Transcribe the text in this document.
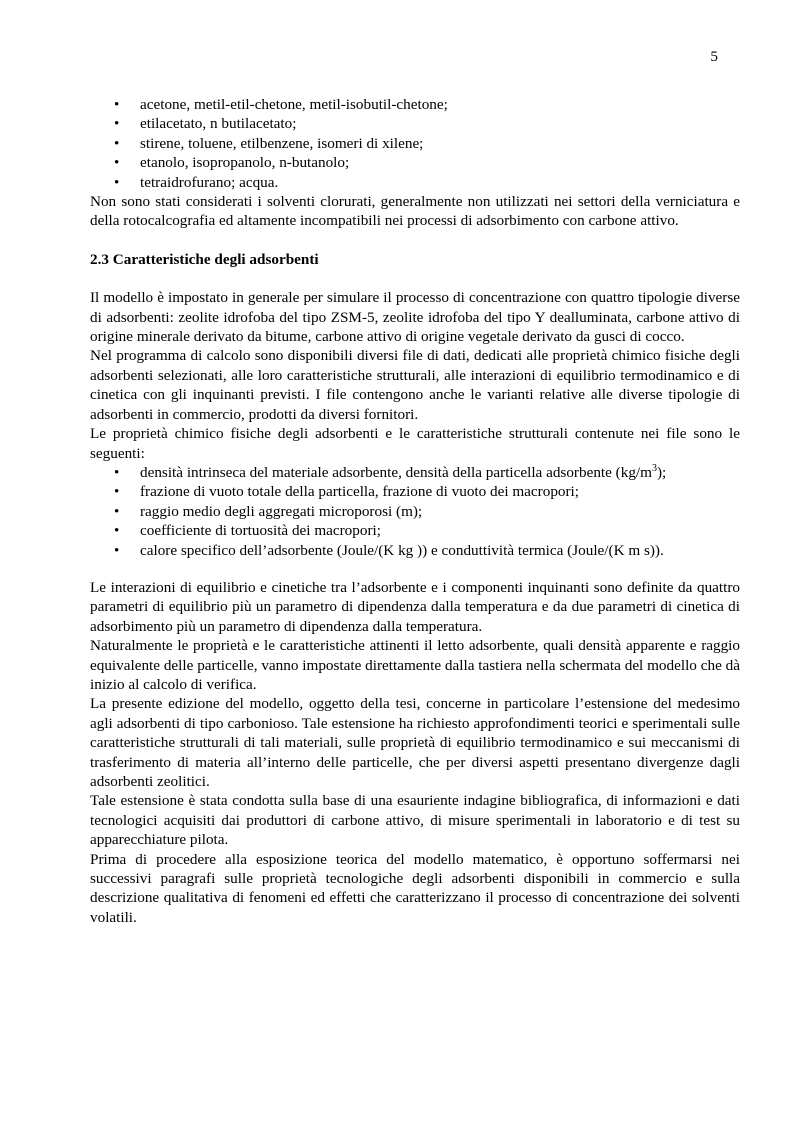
5
• acetone, metil-etil-chetone, metil-isobutil-chetone;
• etilacetato, n butilacetato;
• stirene, toluene, etilbenzene, isomeri di xilene;
• etanolo, isopropanolo, n-butanolo;
• tetraidrofurano; acqua.

Non sono stati considerati i solventi clorurati, generalmente non utilizzati nei settori della verniciatura e della rotocalcografia ed altamente incompatibili nei processi di adsorbimento con carbone attivo.

2.3 Caratteristiche degli adsorbenti

Il modello è impostato in generale per simulare il processo di concentrazione con quattro tipologie diverse di adsorbenti: zeolite idrofoba del tipo ZSM-5, zeolite idrofoba del tipo Y dealluminata, carbone attivo di origine minerale derivato da bitume, carbone attivo di origine vegetale derivato da gusci di cocco.

Nel programma di calcolo sono disponibili diversi file di dati, dedicati alle proprietà chimico fisiche degli adsorbenti selezionati, alle loro caratteristiche strutturali, alle interazioni di equilibrio termodinamico e di cinetica con gli inquinanti previsti. I file contengono anche le varianti relative alle diverse tipologie di adsorbenti in commercio, prodotti da diversi fornitori.

Le proprietà chimico fisiche degli adsorbenti e le caratteristiche strutturali contenute nei file sono le seguenti:

• densità intrinseca del materiale adsorbente, densità della particella adsorbente $(kg/m^3)$;
• frazione di vuoto totale della particella, frazione di vuoto dei macropori;
• raggio medio degli aggregati microporosi (m);
• coefficiente di tortuosità dei macropori;
• calore specifico dell’adsorbente (Joule/(K kg )) e conduttività termica (Joule/(K m s)).

Le interazioni di equilibrio e cinetiche tra l’adsorbente e i componenti inquinanti sono definite da quattro parametri di equilibrio più un parametro di dipendenza dalla temperatura e da due parametri di cinetica di adsorbimento più un parametro di dipendenza dalla temperatura.

Naturalmente le proprietà e le caratteristiche attinenti il letto adsorbente, quali densità apparente e raggio equivalente delle particelle, vanno impostate direttamente dalla tastiera nella schermata del modello che dà inizio al calcolo di verifica.

La presente edizione del modello, oggetto della tesi, concerne in particolare l’estensione del medesimo agli adsorbenti di tipo carbonioso. Tale estensione ha richiesto approfondimenti teorici e sperimentali sulle caratteristiche strutturali di tali materiali, sulle proprietà di equilibrio termodinamico e sui meccanismi di trasferimento di materia all’interno delle particelle, che per diversi aspetti presentano divergenze dagli adsorbenti zeolitici.

Tale estensione è stata condotta sulla base di una esauriente indagine bibliografica, di informazioni e dati tecnologici acquisiti dai produttori di carbone attivo, di misure sperimentali in laboratorio e di test su apparecchiature pilota.

Prima di procedere alla esposizione teorica del modello matematico, è opportuno soffermarsi nei successivi paragrafi sulle proprietà tecnologiche degli adsorbenti disponibili in commercio e sulla descrizione qualitativa di fenomeni ed effetti che caratterizzano il processo di concentrazione dei solventi volatili.
